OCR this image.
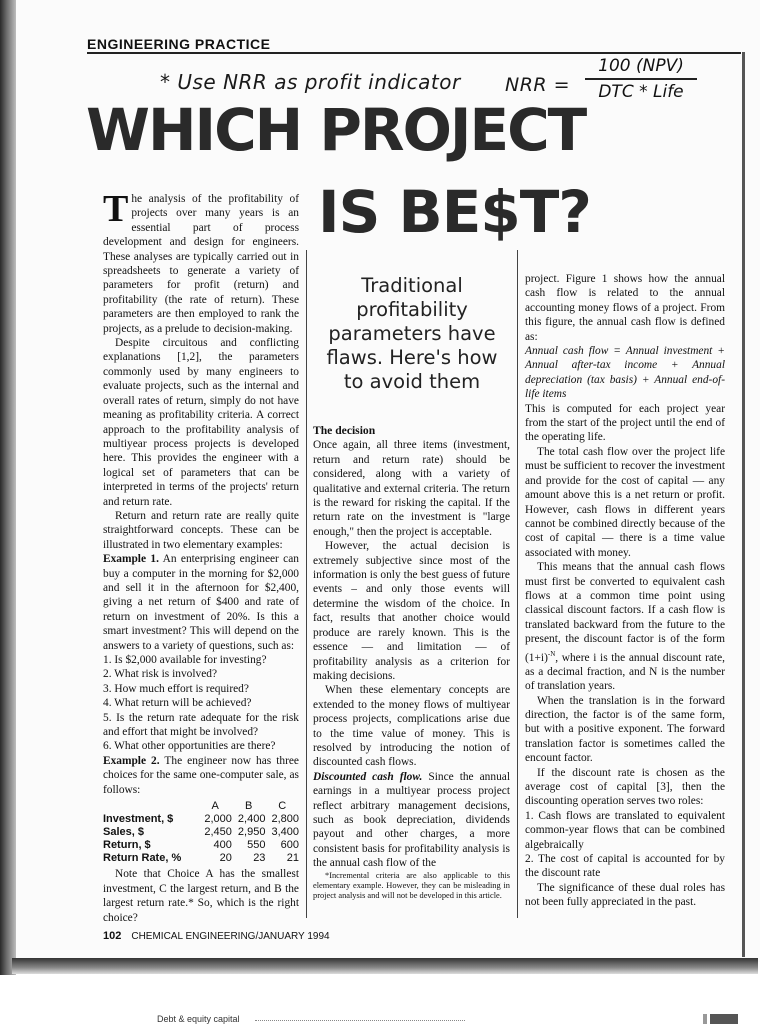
ENGINEERING PRACTICE
* Use NRR as profit indicator NRR =
100 (NPV)
DTC * Life
WHICH PROJECT
IS BE$T?

The analysis of the profitability of projects over many years is an essential part of process development and design for engineers. These analyses are typically carried out in spreadsheets to generate a variety of parameters for profit (return) and profitability (the rate of return). These parameters are then employed to rank the projects, as a prelude to decision-making.

Despite circuitous and conflicting explanations [1,2], the parameters commonly used by many engineers to evaluate projects, such as the internal and overall rates of return, simply do not have meaning as profitability criteria. A correct approach to the profitability analysis of multiyear process projects is developed here. This provides the engineer with a logical set of parameters that can be interpreted in terms of the projects' return and return rate.

Return and return rate are really quite straightforward concepts. These can be illustrated in two elementary examples:

Example 1. An enterprising engineer can buy a computer in the morning for $2,000 and sell it in the afternoon for $2,400, giving a net return of $400 and rate of return on investment of 20%. Is this a smart investment? This will depend on the answers to a variety of questions, such as:

1. Is $2,000 available for investing?
2. What risk is involved?
3. How much effort is required?
4. What return will be achieved?
5. Is the return rate adequate for the risk and effort that might be involved?
6. What other opportunities are there?

Example 2. The engineer now has three choices for the same one-computer sale, as follows:

	A	B	C
Investment, $	2,000	2,400	2,800
Sales, $	2,450	2,950	3,400
Return, $	400	550	600
Return Rate, %	20	23	21

Note that Choice A has the smallest investment, C the largest return, and B the largest return rate.* So, which is the right choice?

Traditional profitability parameters have flaws. Here's how to avoid them
The decision

Once again, all three items (investment, return and return rate) should be considered, along with a variety of qualitative and external criteria. The return is the reward for risking the capital. If the return rate on the investment is "large enough," then the project is acceptable.

However, the actual decision is extremely subjective since most of the information is only the best guess of future events – and only those events will determine the wisdom of the choice. In fact, results that another choice would produce are rarely known. This is the essence — and limitation — of profitability analysis as a criterion for making decisions.

When these elementary concepts are extended to the money flows of multiyear process projects, complications arise due to the time value of money. This is resolved by introducing the notion of discounted cash flows.

Discounted cash flow. Since the annual earnings in a multiyear process project reflect arbitrary management decisions, such as book depreciation, dividends payout and other charges, a more consistent basis for profitability analysis is the annual cash flow of the

*Incremental criteria are also applicable to this elementary example. However, they can be misleading in project analysis and will not be developed in this article.

project. Figure 1 shows how the annual cash flow is related to the annual accounting money flows of a project. From this figure, the annual cash flow is defined as:

Annual cash flow = Annual investment + Annual after-tax income + Annual depreciation (tax basis) + Annual end-of-life items

This is computed for each project year from the start of the project until the end of the operating life.

The total cash flow over the project life must be sufficient to recover the investment and provide for the cost of capital — any amount above this is a net return or profit. However, cash flows in different years cannot be combined directly because of the cost of capital — there is a time value associated with money.

This means that the annual cash flows must first be converted to equivalent cash flows at a common time point using classical discount factors. If a cash flow is translated backward from the future to the present, the discount factor is of the form $(1+i)^{-N}$, where i is the annual discount rate, as a decimal fraction, and N is the number of translation years.

When the translation is in the forward direction, the factor is of the same form, but with a positive exponent. The forward translation factor is sometimes called the encount factor.

If the discount rate is chosen as the average cost of capital [3], then the discounting operation serves two roles:

1. Cash flows are translated to equivalent common-year flows that can be combined algebraically

2. The cost of capital is accounted for by the discount rate

The significance of these dual roles has not been fully appreciated in the past.

102 CHEMICAL ENGINEERING/JANUARY 1994
Debt & equity capital
